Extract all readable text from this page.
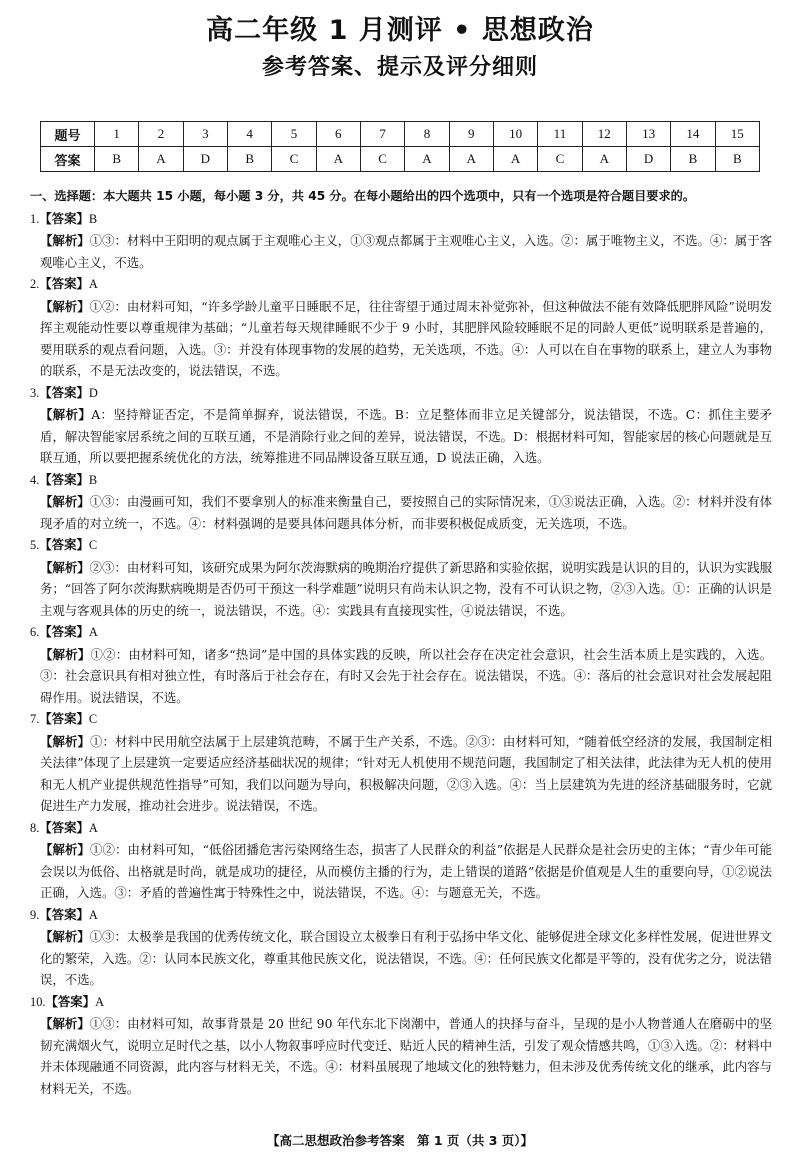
高二年级 1 月测评 • 思想政治
参考答案、提示及评分细则
题号	1	2	3	4	5	6	7	8	9	10	11	12	13	14	15
答案	B	A	D	B	C	A	C	A	A	A	C	A	D	B	B
一、选择题：本大题共 15 小题，每小题 3 分，共 45 分。在每小题给出的四个选项中，只有一个选项是符合题目要求的。
1.【答案】B
【解析】①③：材料中王阳明的观点属于主观唯心主义，①③观点都属于主观唯心主义，入选。②：属于唯物主义，不选。④：属于客观唯心主义，不选。
2.【答案】A
【解析】①②：由材料可知，“许多学龄儿童平日睡眠不足，往往寄望于通过周末补觉弥补，但这种做法不能有效降低肥胖风险”说明发挥主观能动性要以尊重规律为基础；“儿童若每天规律睡眠不少于 9 小时，其肥胖风险较睡眠不足的同龄人更低”说明联系是普遍的，要用联系的观点看问题，入选。③：并没有体现事物的发展的趋势，无关选项，不选。④：人可以在自在事物的联系上，建立人为事物的联系，不是无法改变的，说法错误，不选。
3.【答案】D
【解析】A：坚持辩证否定，不是简单摒弃，说法错误，不选。B：立足整体而非立足关键部分，说法错误，不选。C：抓住主要矛盾，解决智能家居系统之间的互联互通，不是消除行业之间的差异，说法错误，不选。D：根据材料可知，智能家居的核心问题就是互联互通，所以要把握系统优化的方法，统筹推进不同品牌设备互联互通，D 说法正确，入选。
4.【答案】B
【解析】①③：由漫画可知，我们不要拿别人的标准来衡量自己，要按照自己的实际情况来，①③说法正确，入选。②：材料并没有体现矛盾的对立统一，不选。④：材料强调的是要具体问题具体分析，而非要积极促成质变，无关选项，不选。
5.【答案】C
【解析】②③：由材料可知，该研究成果为阿尔茨海默病的晚期治疗提供了新思路和实验依据，说明实践是认识的目的，认识为实践服务；“回答了阿尔茨海默病晚期是否仍可干预这一科学难题”说明只有尚未认识之物，没有不可认识之物，②③入选。①：正确的认识是主观与客观具体的历史的统一，说法错误，不选。④：实践具有直接现实性，④说法错误，不选。
6.【答案】A
【解析】①②：由材料可知，诸多“热词”是中国的具体实践的反映，所以社会存在决定社会意识，社会生活本质上是实践的，入选。③：社会意识具有相对独立性，有时落后于社会存在，有时又会先于社会存在。说法错误，不选。④：落后的社会意识对社会发展起阻碍作用。说法错误，不选。
7.【答案】C
【解析】①：材料中民用航空法属于上层建筑范畴，不属于生产关系，不选。②③：由材料可知，“随着低空经济的发展，我国制定相关法律”体现了上层建筑一定要适应经济基础状况的规律；“针对无人机使用不规范问题，我国制定了相关法律，此法律为无人机的使用和无人机产业提供规范性指导”可知，我们以问题为导向，积极解决问题，②③入选。④：当上层建筑为先进的经济基础服务时，它就促进生产力发展，推动社会进步。说法错误，不选。
8.【答案】A
【解析】①②：由材料可知，“低俗团播危害污染网络生态，损害了人民群众的利益”依据是人民群众是社会历史的主体；“青少年可能会误以为低俗、出格就是时尚，就是成功的捷径，从而模仿主播的行为，走上错误的道路”依据是价值观是人生的重要向导，①②说法正确，入选。③：矛盾的普遍性寓于特殊性之中，说法错误，不选。④：与题意无关，不选。
9.【答案】A
【解析】①③：太极拳是我国的优秀传统文化，联合国设立太极拳日有利于弘扬中华文化、能够促进全球文化多样性发展，促进世界文化的繁荣，入选。②：认同本民族文化，尊重其他民族文化，说法错误，不选。④：任何民族文化都是平等的，没有优劣之分，说法错误，不选。
10.【答案】A
【解析】①③：由材料可知，故事背景是 20 世纪 90 年代东北下岗潮中，普通人的抉择与奋斗，呈现的是小人物普通人在磨砺中的坚韧充满烟火气，说明立足时代之基，以小人物叙事呼应时代变迁、贴近人民的精神生活，引发了观众情感共鸣，①③入选。②：材料中并未体现融通不同资源，此内容与材料无关，不选。④：材料虽展现了地域文化的独特魅力，但未涉及优秀传统文化的继承，此内容与材料无关，不选。
【高二思想政治参考答案　第 1 页（共 3 页）】
